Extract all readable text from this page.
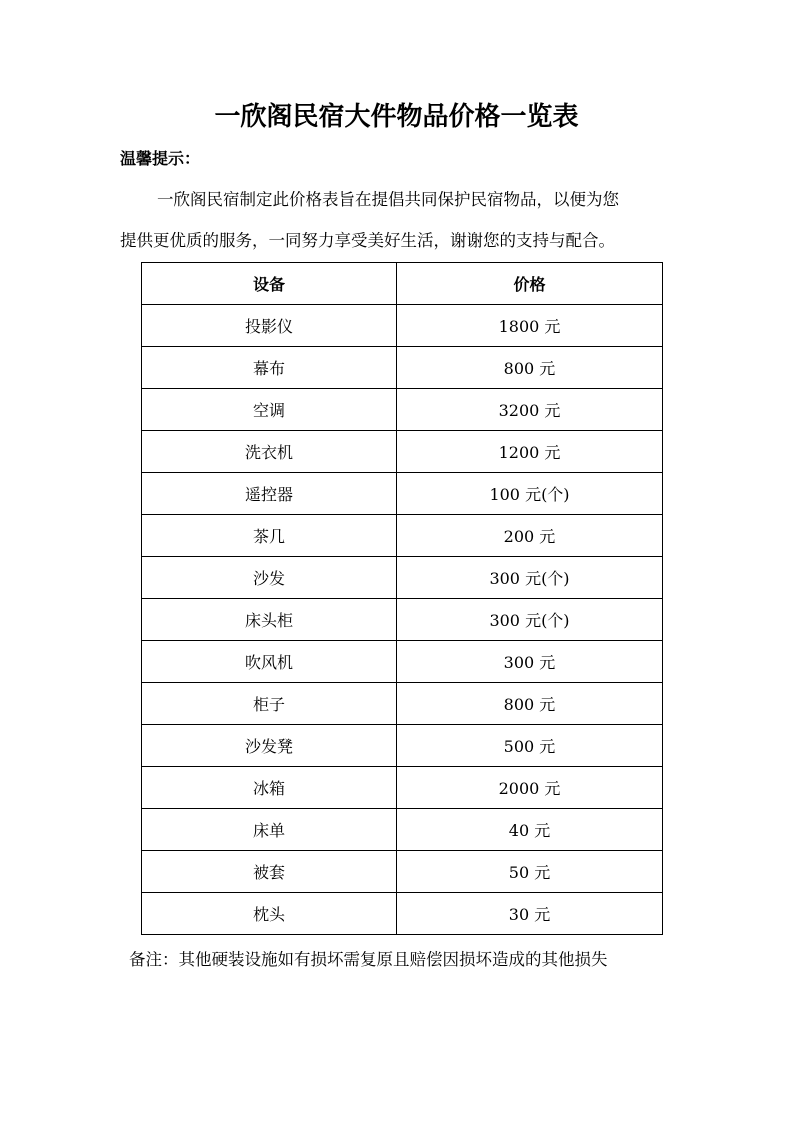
一欣阁民宿大件物品价格一览表
温馨提示：
一欣阁民宿制定此价格表旨在提倡共同保护民宿物品，以便为您
提供更优质的服务，一同努力享受美好生活，谢谢您的支持与配合。
设备	价格
投影仪	1800 元
幕布	800 元
空调	3200 元
洗衣机	1200 元
遥控器	100 元(个)
茶几	200 元
沙发	300 元(个)
床头柜	300 元(个)
吹风机	300 元
柜子	800 元
沙发凳	500 元
冰箱	2000 元
床单	40 元
被套	50 元
枕头	30 元
备注：其他硬装设施如有损坏需复原且赔偿因损坏造成的其他损失
